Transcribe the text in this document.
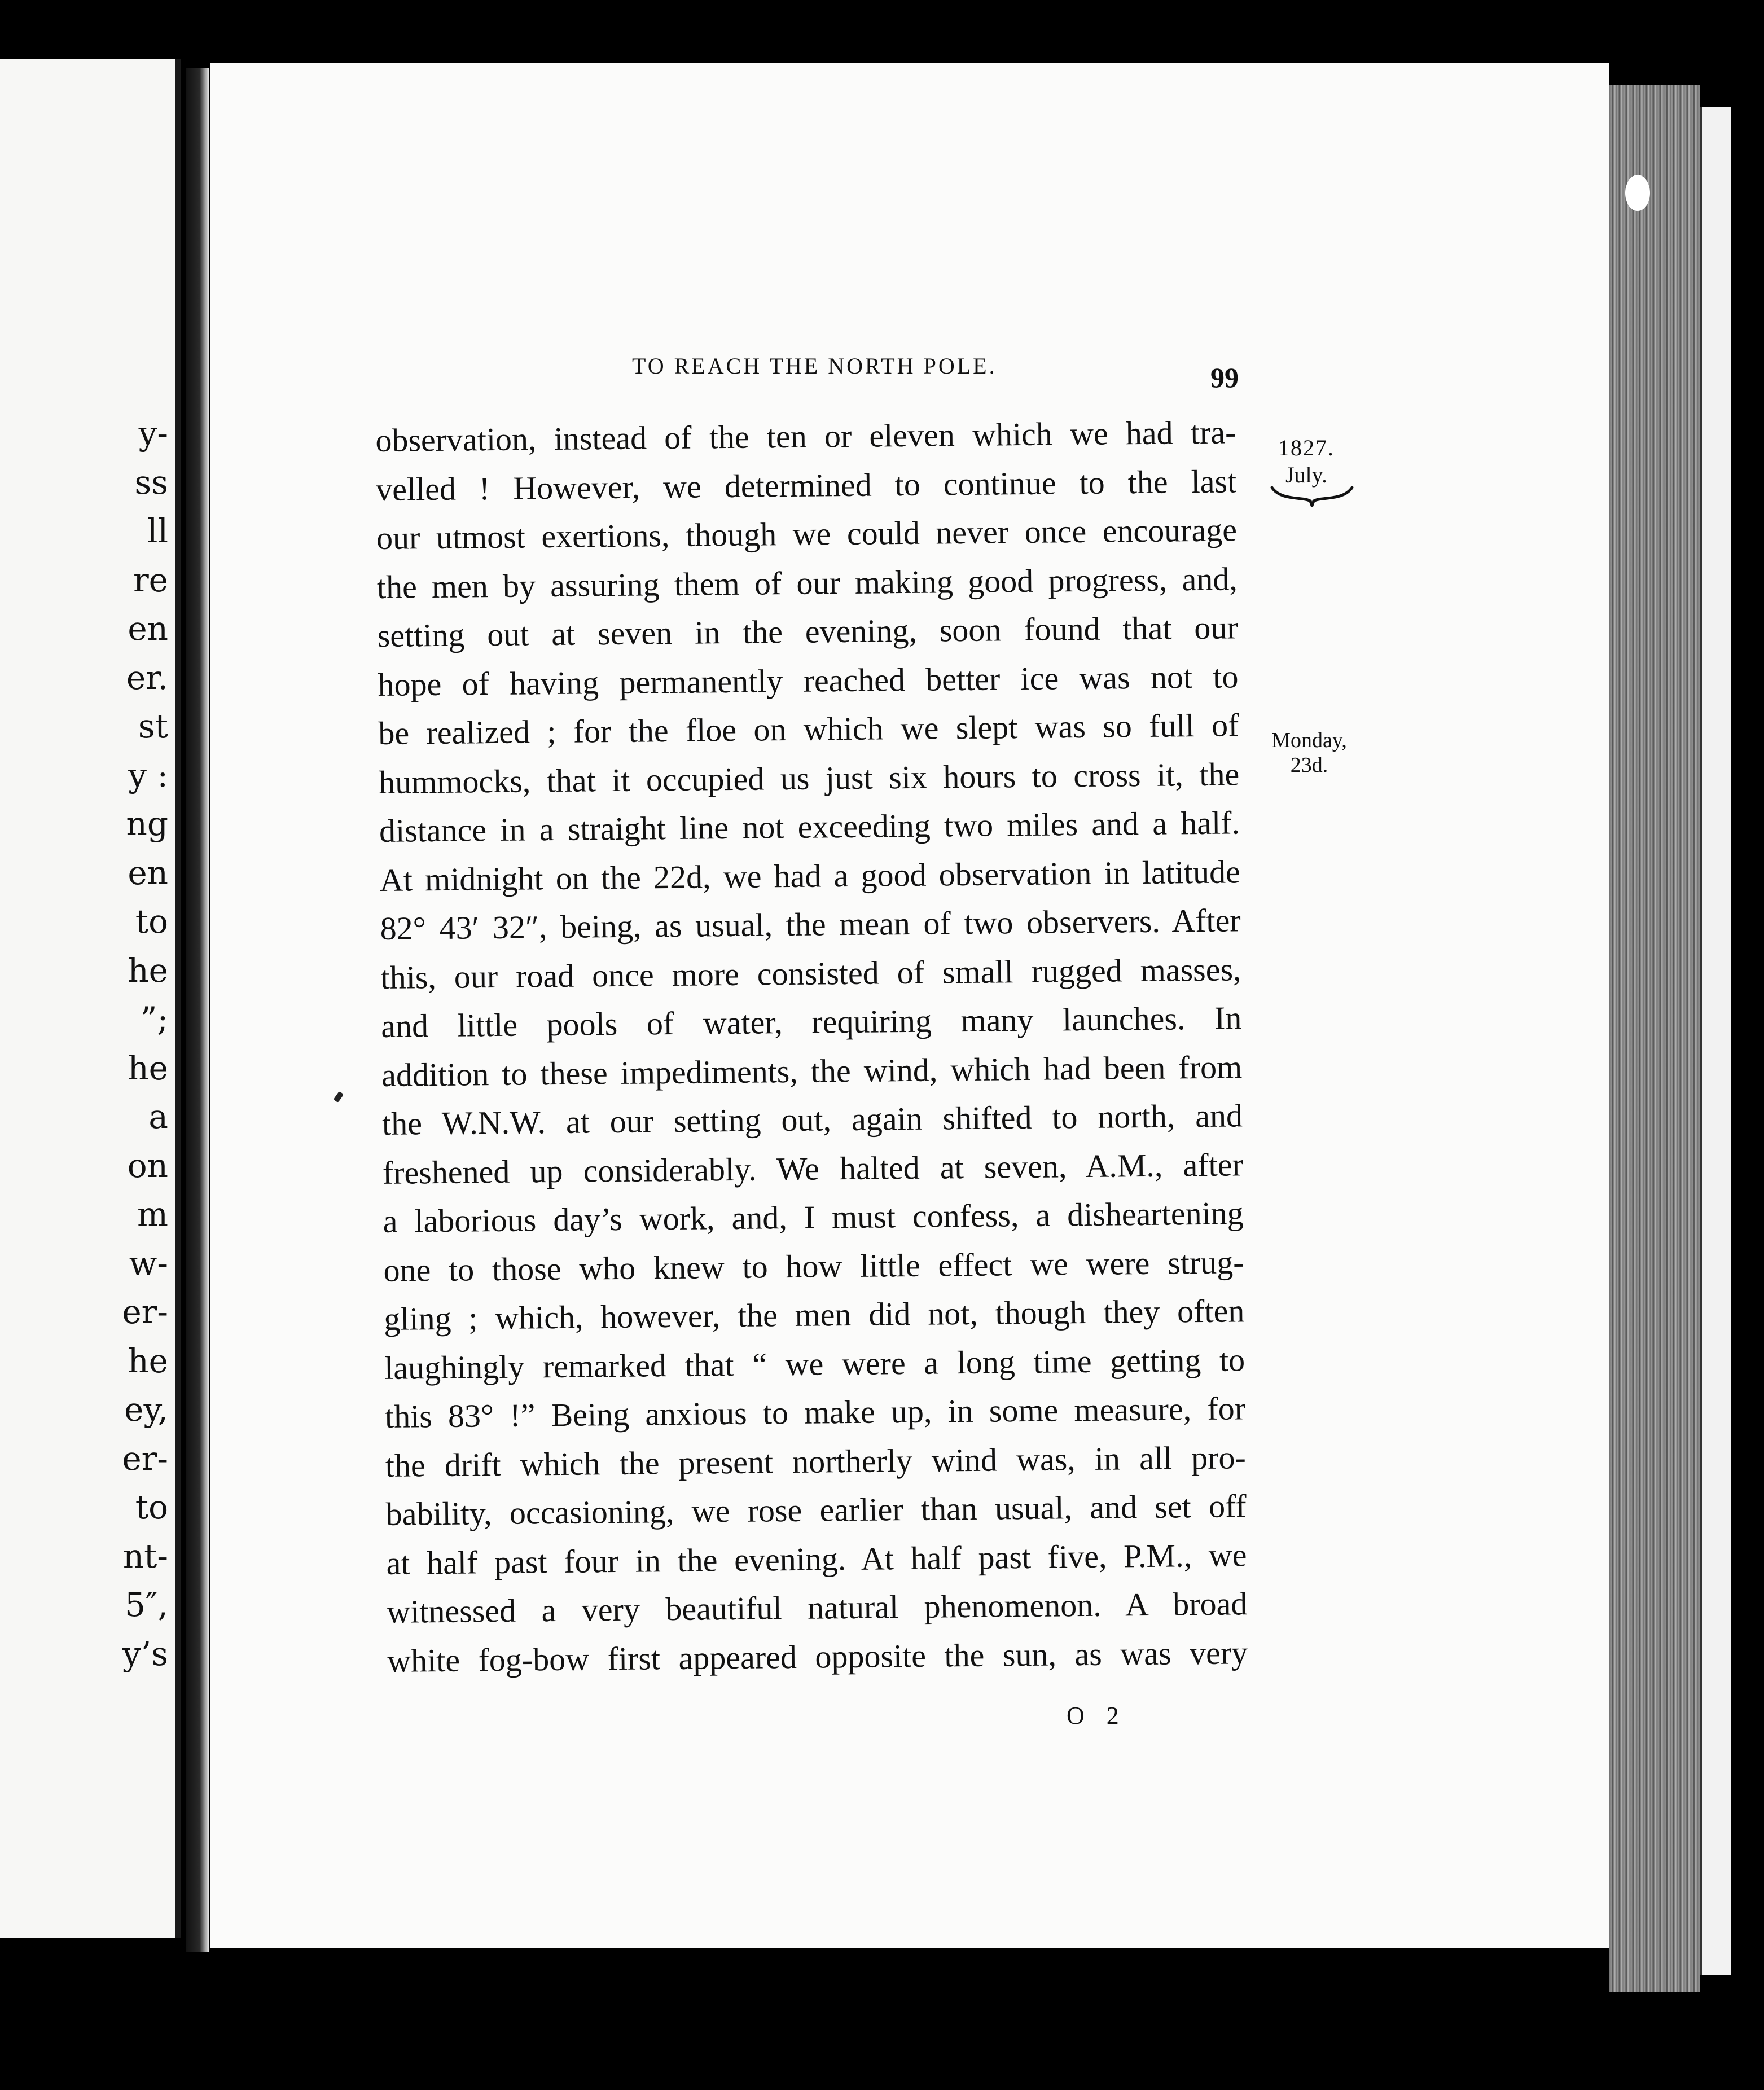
y-
ss
ll
re
en
er.
st
y :
ng
en
to
he
”;
he
a
on
m
w-
er-
he
ey,
er-
to
nt-
5″,
y’s
TO REACH THE NORTH POLE.	99
observation, instead of the ten or eleven which we had tra-
velled ! However, we determined to continue to the last
our utmost exertions, though we could never once encourage
the men by assuring them of our making good progress, and,
setting out at seven in the evening, soon found that our
hope of having permanently reached better ice was not to
be realized ; for the floe on which we slept was so full of
hummocks, that it occupied us just six hours to cross it, the
distance in a straight line not exceeding two miles and a half.
At midnight on the 22d, we had a good observation in latitude
82° 43′ 32″, being, as usual, the mean of two observers. After
this, our road once more consisted of small rugged masses,
and little pools of water, requiring many launches. In
addition to these impediments, the wind, which had been from
the W.N.W. at our setting out, again shifted to north, and
freshened up considerably. We halted at seven, A.M., after
a laborious day’s work, and, I must confess, a disheartening
one to those who knew to how little effect we were strug-
gling ; which, however, the men did not, though they often
laughingly remarked that “ we were a long time getting to
this 83° !” Being anxious to make up, in some measure, for
the drift which the present northerly wind was, in all pro-
bability, occasioning, we rose earlier than usual, and set off
at half past four in the evening. At half past five, P.M., we
witnessed a very beautiful natural phenomenon. A broad
white fog-bow first appeared opposite the sun, as was very
1827.
July.
Monday,
23d.
O 2
